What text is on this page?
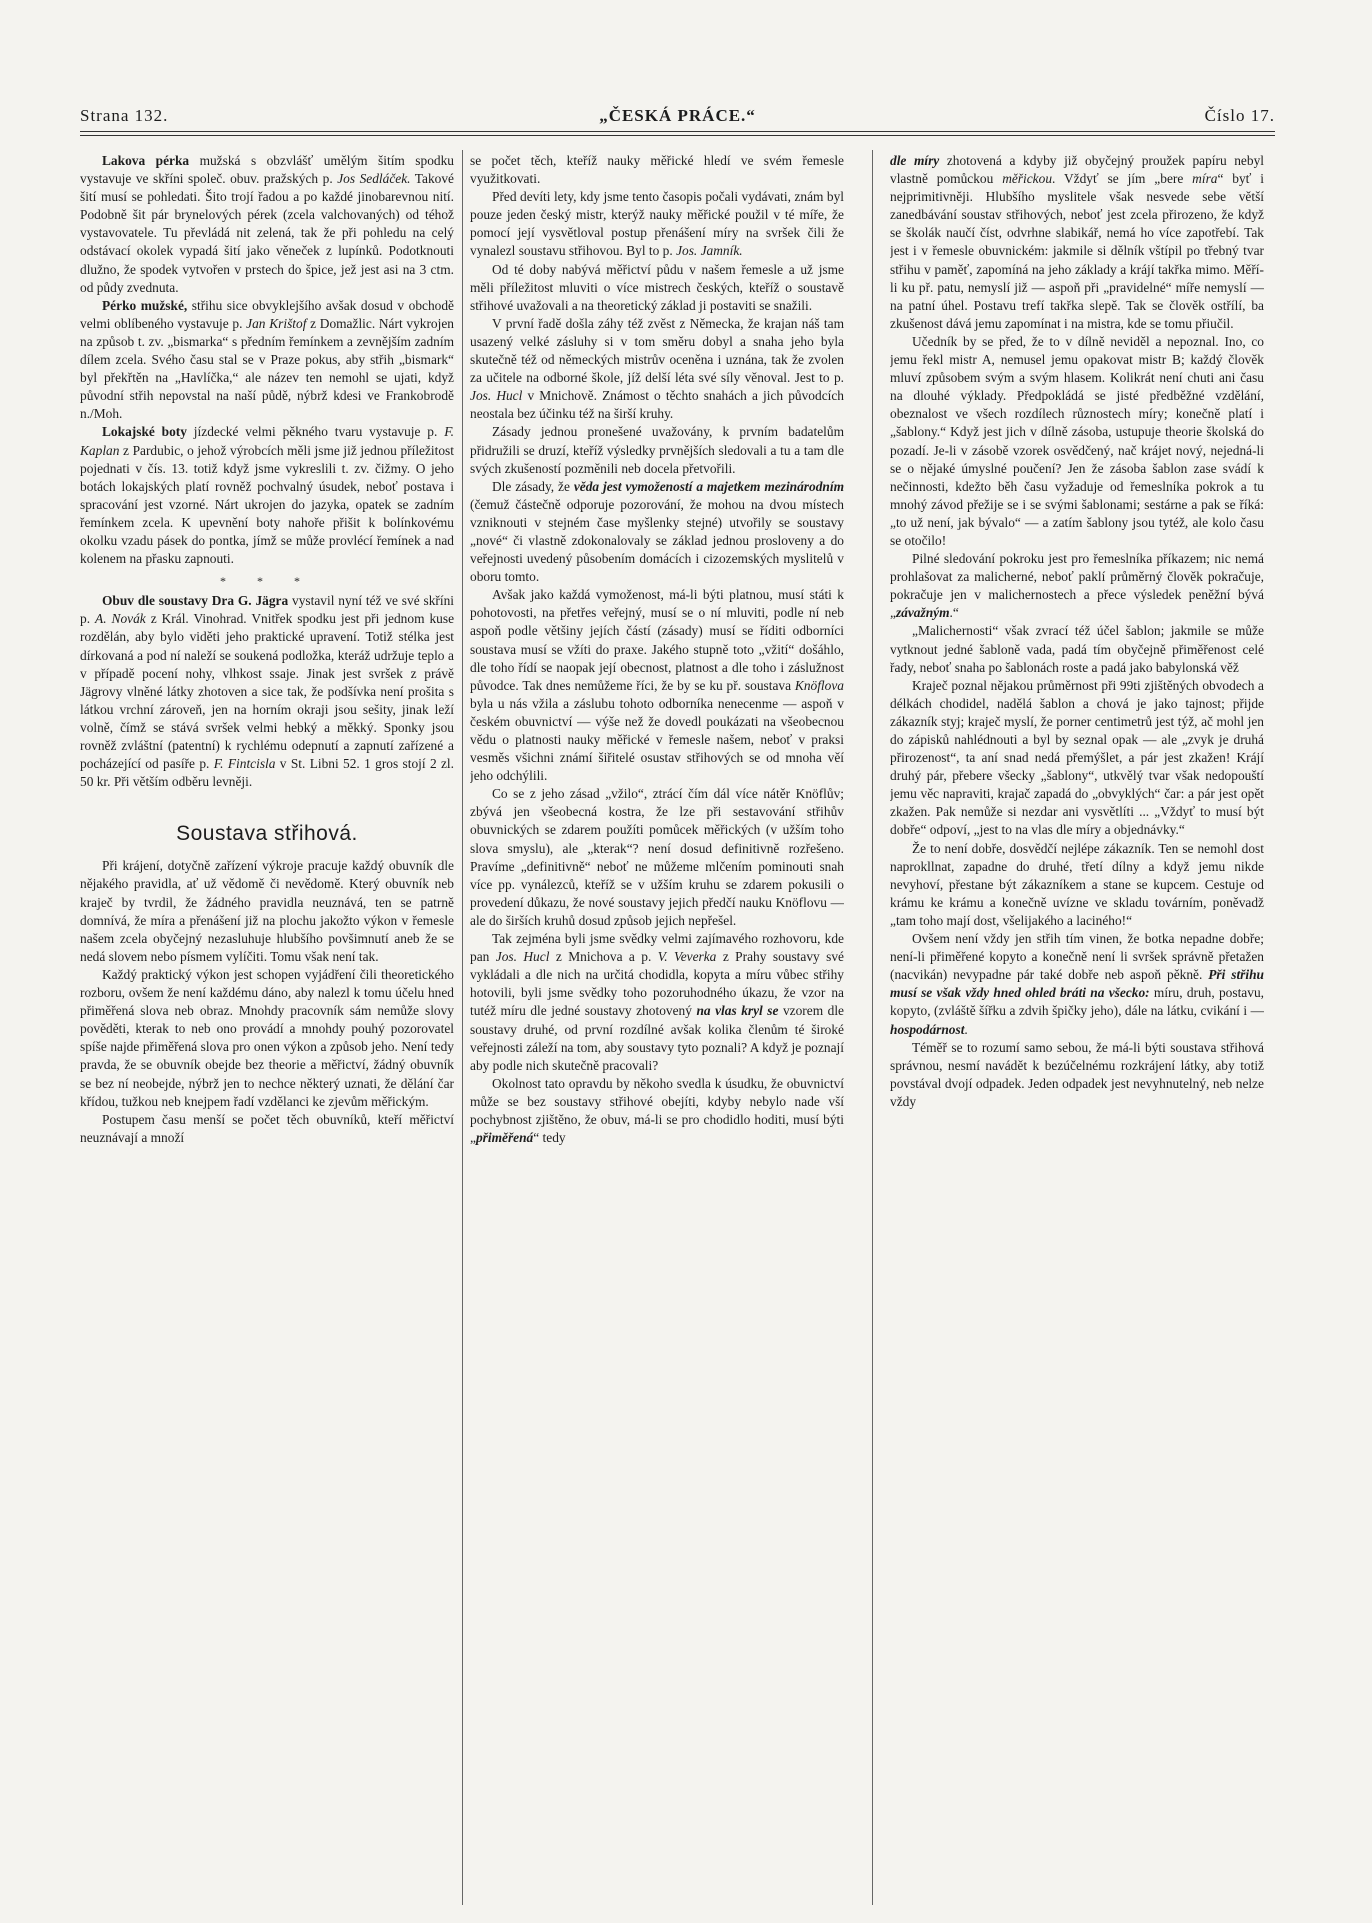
Strana 132.	„ČESKÁ PRÁCE.“	Číslo 17.

Lakova pérka mužská s obzvlášť umělým šitím spodku vystavuje ve skříni společ. obuv. pražských p. Jos Sedláček. Takové šití musí se pohledati. Šito trojí řadou a po každé jinobarevnou nití. Podobně šit pár brynelových pérek (zcela valchovaných) od téhož vystavovatele. Tu převládá nit zelená, tak že při pohledu na celý odstávací okolek vypadá šití jako věneček z lupínků. Podotknouti dlužno, že spodek vytvořen v prstech do špice, jež jest asi na 3 ctm. od půdy zvednuta.

Pérko mužské, střihu sice obvyklejšího avšak dosud v obchodě velmi oblíbeného vystavuje p. Jan Krištof z Domažlic. Nárt vykrojen na způsob t. zv. „bismarka“ s předním řemínkem a zevnějším zadním dílem zcela. Svého času stal se v Praze pokus, aby střih „bismark“ byl překřtěn na „Havlíčka,“ ale název ten nemohl se ujati, když původní střih nepovstal na naší půdě, nýbrž kdesi ve Frankobrodě n./Moh.

Lokajské boty jízdecké velmi pěkného tvaru vystavuje p. F. Kaplan z Pardubic, o jehož výrobcích měli jsme již jednou příležitost pojednati v čís. 13. totiž když jsme vykreslili t. zv. čižmy. O jeho botách lokajských platí rovněž pochvalný úsudek, neboť postava i spracování jest vzorné. Nárt ukrojen do jazyka, opatek se zadním řemínkem zcela. K upevnění boty nahoře přišit k bolínkovému okolku vzadu pásek do pontka, jímž se může provlécí řemínek a nad kolenem na přasku zapnouti.

* * *

Obuv dle soustavy Dra G. Jägra vystavil nyní též ve své skříni p. A. Novák z Král. Vinohrad. Vnitřek spodku jest při jednom kuse rozdělán, aby bylo viděti jeho praktické upravení. Totiž stélka jest dírkovaná a pod ní naleží se soukená podložka, kteráž udržuje teplo a v případě pocení nohy, vlhkost ssaje. Jinak jest svršek z právě Jägrovy vlněné látky zhotoven a sice tak, že podšívka není prošita s látkou vrchní zároveň, jen na horním okraji jsou sešity, jinak leží volně, čímž se stává svršek velmi hebký a měkký. Sponky jsou rovněž zvláštní (patentní) k rychlému odepnutí a zapnutí zařízené a pocházející od pasíře p. F. Fintcisla v St. Libni 52. 1 gros stojí 2 zl. 50 kr. Při větším odběru levněji.

Soustava střihová.

Při krájení, dotyčně zařízení výkroje pracuje každý obuvník dle nějakého pravidla, ať už vědomě či nevědomě. Který obuvník neb kraječ by tvrdil, že žádného pravidla neuznává, ten se patrně domnívá, že míra a přenášení již na plochu jakožto výkon v řemesle našem zcela obyčejný nezasluhuje hlubšího povšimnutí aneb že se nedá slovem nebo písmem vylíčiti. Tomu však není tak.

Každý praktický výkon jest schopen vyjádření čili theoretického rozboru, ovšem že není každému dáno, aby nalezl k tomu účelu hned přiměřená slova neb obraz. Mnohdy pracovník sám nemůže slovy pověděti, kterak to neb ono provádí a mnohdy pouhý pozorovatel spíše najde přiměřená slova pro onen výkon a způsob jeho. Není tedy pravda, že se obuvník obejde bez theorie a měřictví, žádný obuvník se bez ní neobejde, nýbrž jen to nechce některý uznati, že dělání čar křídou, tužkou neb knejpem řadí vzdělanci ke zjevům měřickým.

Postupem času menší se počet těch obuvníků, kteří měřictví neuznávají a množí

se počet těch, kteříž nauky měřické hledí ve svém řemesle využitkovati.

Před devíti lety, kdy jsme tento časopis počali vydávati, znám byl pouze jeden český mistr, kterýž nauky měřické použil v té míře, že pomocí její vysvětloval postup přenášení míry na svršek čili že vynalezl soustavu střihovou. Byl to p. Jos. Jamník.

Od té doby nabývá měřictví půdu v našem řemesle a už jsme měli příležitost mluviti o více mistrech českých, kteříž o soustavě střihové uvažovali a na theoretický základ ji postaviti se snažili.

V první řadě došla záhy též zvěst z Německa, že krajan náš tam usazený velké zásluhy si v tom směru dobyl a snaha jeho byla skutečně též od německých mistrův oceněna i uznána, tak že zvolen za učitele na odborné škole, jíž delší léta své síly věnoval. Jest to p. Jos. Hucl v Mnichově. Známost o těchto snahách a jich původcích neostala bez účinku též na širší kruhy.

Zásady jednou pronešené uvažovány, k prvním badatelům přidružili se druzí, kteříž výsledky prvnějších sledovali a tu a tam dle svých zkušeností pozměnili neb docela přetvořili.

Dle zásady, že věda jest vymožeností a majetkem mezinárodním (čemuž částečně odporuje pozorování, že mohou na dvou místech vzniknouti v stejném čase myšlenky stejné) utvořily se soustavy „nové“ či vlastně zdokonalovaly se základ jednou prosloveny a do veřejnosti uvedený působením domácích i cizozemských myslitelů v oboru tomto.

Avšak jako každá vymoženost, má-li býti platnou, musí státi k pohotovosti, na přetřes veřejný, musí se o ní mluviti, podle ní neb aspoň podle většiny jejích částí (zásady) musí se říditi odborníci soustava musí se vžíti do praxe. Jakého stupně toto „vžití“ došáhlo, dle toho řídí se naopak její obecnost, platnost a dle toho i záslužnost původce. Tak dnes nemůžeme říci, že by se ku př. soustava Knöflova byla u nás vžila a záslubu tohoto odborníka nenecenme — aspoň v českém obuvnictví — výše než že dovedl poukázati na všeobecnou vědu o platnosti nauky měřické v řemesle našem, neboť v praksi vesměs všichni známí šiřitelé osustav střihových se od mnoha věí jeho odchýlili.

Co se z jeho zásad „vžilo“, ztrácí čím dál více nátěr Knöflův; zbývá jen všeobecná kostra, že lze při sestavování střihův obuvnických se zdarem použíti pomůcek měřických (v užším toho slova smyslu), ale „kterak“? není dosud definitivně rozřešeno. Pravíme „definitivně“ neboť ne můžeme mlčením pominouti snah více pp. vynálezců, kteříž se v užším kruhu se zdarem pokusili o provedení důkazu, že nové soustavy jejich předčí nauku Knöflovu — ale do širších kruhů dosud způsob jejich nepřešel.

Tak zejména byli jsme svědky velmi zajímavého rozhovoru, kde pan Jos. Hucl z Mnichova a p. V. Veverka z Prahy soustavy své vykládali a dle nich na určitá chodidla, kopyta a míru vůbec střihy hotovili, byli jsme svědky toho pozoruhodného úkazu, že vzor na tutéž míru dle jedné soustavy zhotovený na vlas kryl se vzorem dle soustavy druhé, od první rozdílné avšak kolika členům té široké veřejnosti záleží na tom, aby soustavy tyto poznali? A když je poznají aby podle nich skutečně pracovali?

Okolnost tato opravdu by někoho svedla k úsudku, že obuvnictví může se bez soustavy střihové obejíti, kdyby nebylo nade vší pochybnost zjištěno, že obuv, má-li se pro chodidlo hoditi, musí býti „přiměřená“ tedy

dle míry zhotovená a kdyby již obyčejný proužek papíru nebyl vlastně pomůckou měřickou. Vždyť se jím „bere míra“ byť i nejprimitivněji. Hlubšího myslitele však nesvede sebe větší zanedbávání soustav střihových, neboť jest zcela přirozeno, že když se školák naučí číst, odvrhne slabikář, nemá ho více zapotřebí. Tak jest i v řemesle obuvnickém: jakmile si dělník vštípil po třebný tvar střihu v paměť, zapomíná na jeho základy a krájí takřka mimo. Měří-li ku př. patu, nemyslí již — aspoň při „pravidelné“ míře nemyslí — na patní úhel. Postavu trefí takřka slepě. Tak se člověk ostřílí, ba zkušenost dává jemu zapomínat i na mistra, kde se tomu přiučil.

Učedník by se před, že to v dílně neviděl a nepoznal. Ino, co jemu řekl mistr A, nemusel jemu opakovat mistr B; každý člověk mluví způsobem svým a svým hlasem. Kolikrát není chuti ani času na dlouhé výklady. Předpokládá se jisté předběžné vzdělání, obeznalost ve všech rozdílech různostech míry; konečně platí i „šablony.“ Když jest jich v dílně zásoba, ustupuje theorie školská do pozadí. Je-li v zásobě vzorek osvědčený, nač krájet nový, nejedná-li se o nějaké úmyslné poučení? Jen že zásoba šablon zase svádí k nečinnosti, kdežto běh času vyžaduje od řemeslníka pokrok a tu mnohý závod přežije se i se svými šablonami; sestárne a pak se říká: „to už není, jak bývalo“ — a zatím šablony jsou tytéž, ale kolo času se otočilo!

Pilné sledování pokroku jest pro řemeslníka příkazem; nic nemá prohlašovat za malicherné, neboť paklí průměrný člověk pokračuje, pokračuje jen v malichernostech a přece výsledek peněžní bývá „závažným.“

„Malichernosti“ však zvrací též účel šablon; jakmile se může vytknout jedné šabloně vada, padá tím obyčejně přiměřenost celé řady, neboť snaha po šablonách roste a padá jako babylonská věž

Kraječ poznal nějakou průměrnost při 99ti zjištěných obvodech a délkách chodidel, nadělá šablon a chová je jako tajnost; přijde zákazník styj; kraječ myslí, že porner centimetrů jest týž, ač mohl jen do zápisků nahlédnouti a byl by seznal opak — ale „zvyk je druhá přirozenost“, ta aní snad nedá přemýšlet, a pár jest zkažen! Krájí druhý pár, přebere všecky „šablony“, utkvělý tvar však nedopouští jemu věc napraviti, krajač zapadá do „obvyklých“ čar: a pár jest opět zkažen. Pak nemůže si nezdar ani vysvětlíti ... „Vždyť to musí být dobře“ odpoví, „jest to na vlas dle míry a objednávky.“

Že to není dobře, dosvědčí nejlépe zákazník. Ten se nemohl dost naprokllnat, zapadne do druhé, třetí dílny a když jemu nikde nevyhoví, přestane být zákazníkem a stane se kupcem. Cestuje od krámu ke krámu a konečně uvízne ve skladu továrním, poněvadž „tam toho mají dost, všelijakého a laciného!“

Ovšem není vždy jen střih tím vinen, že botka nepadne dobře; není-li přiměřené kopyto a konečně není li svršek správně přetažen (nacvikán) nevypadne pár také dobře neb aspoň pěkně. Při střihu musí se však vždy hned ohled bráti na všecko: míru, druh, postavu, kopyto, (zvláště šířku a zdvih špičky jeho), dále na látku, cvikání i — hospodárnost.

Téměř se to rozumí samo sebou, že má-li býti soustava střihová správnou, nesmí navádět k bezúčelnému rozkrájení látky, aby totiž povstával dvojí odpadek. Jeden odpadek jest nevyhnutelný, neb nelze vždy
